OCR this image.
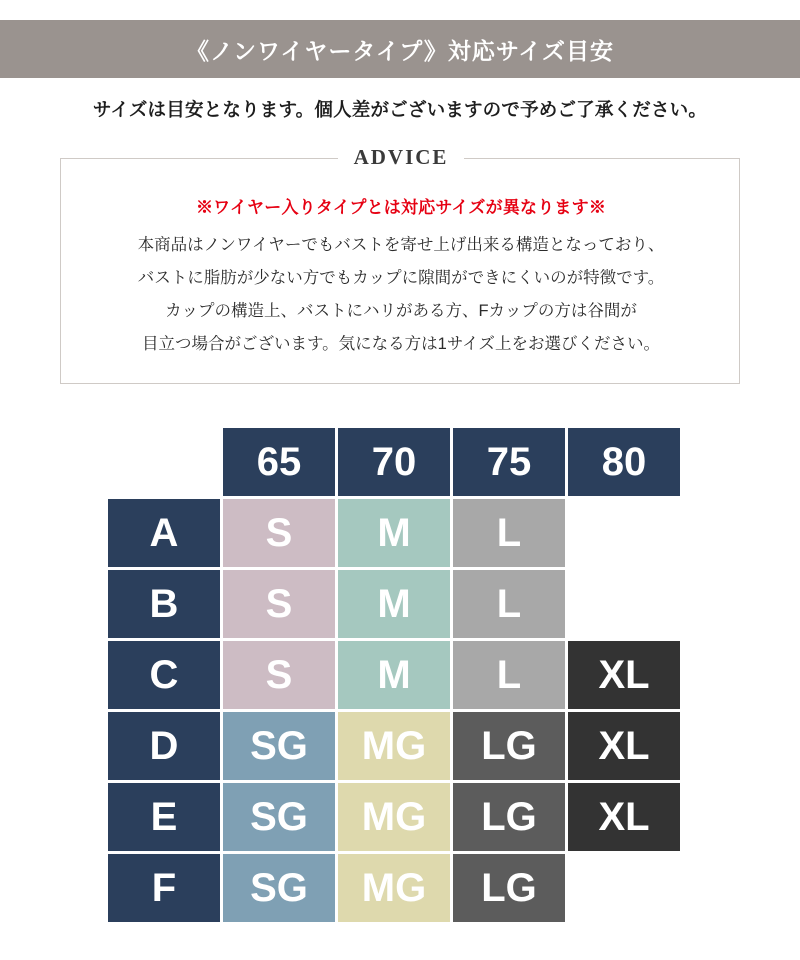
《ノンワイヤータイプ》対応サイズ目安
サイズは目安となります。個人差がございますので予めご了承ください。
ADVICE
※ワイヤー入りタイプとは対応サイズが異なります※
本商品はノンワイヤーでもバストを寄せ上げ出来る構造となっており、
バストに脂肪が少ない方でもカップに隙間ができにくいのが特徴です。
カップの構造上、バストにハリがある方、Fカップの方は谷間が
目立つ場合がございます。気になる方は1サイズ上をお選びください。
	65	70	75	80
A	S	M	L	
B	S	M	L	
C	S	M	L	XL
D	SG	MG	LG	XL
E	SG	MG	LG	XL
F	SG	MG	LG	
